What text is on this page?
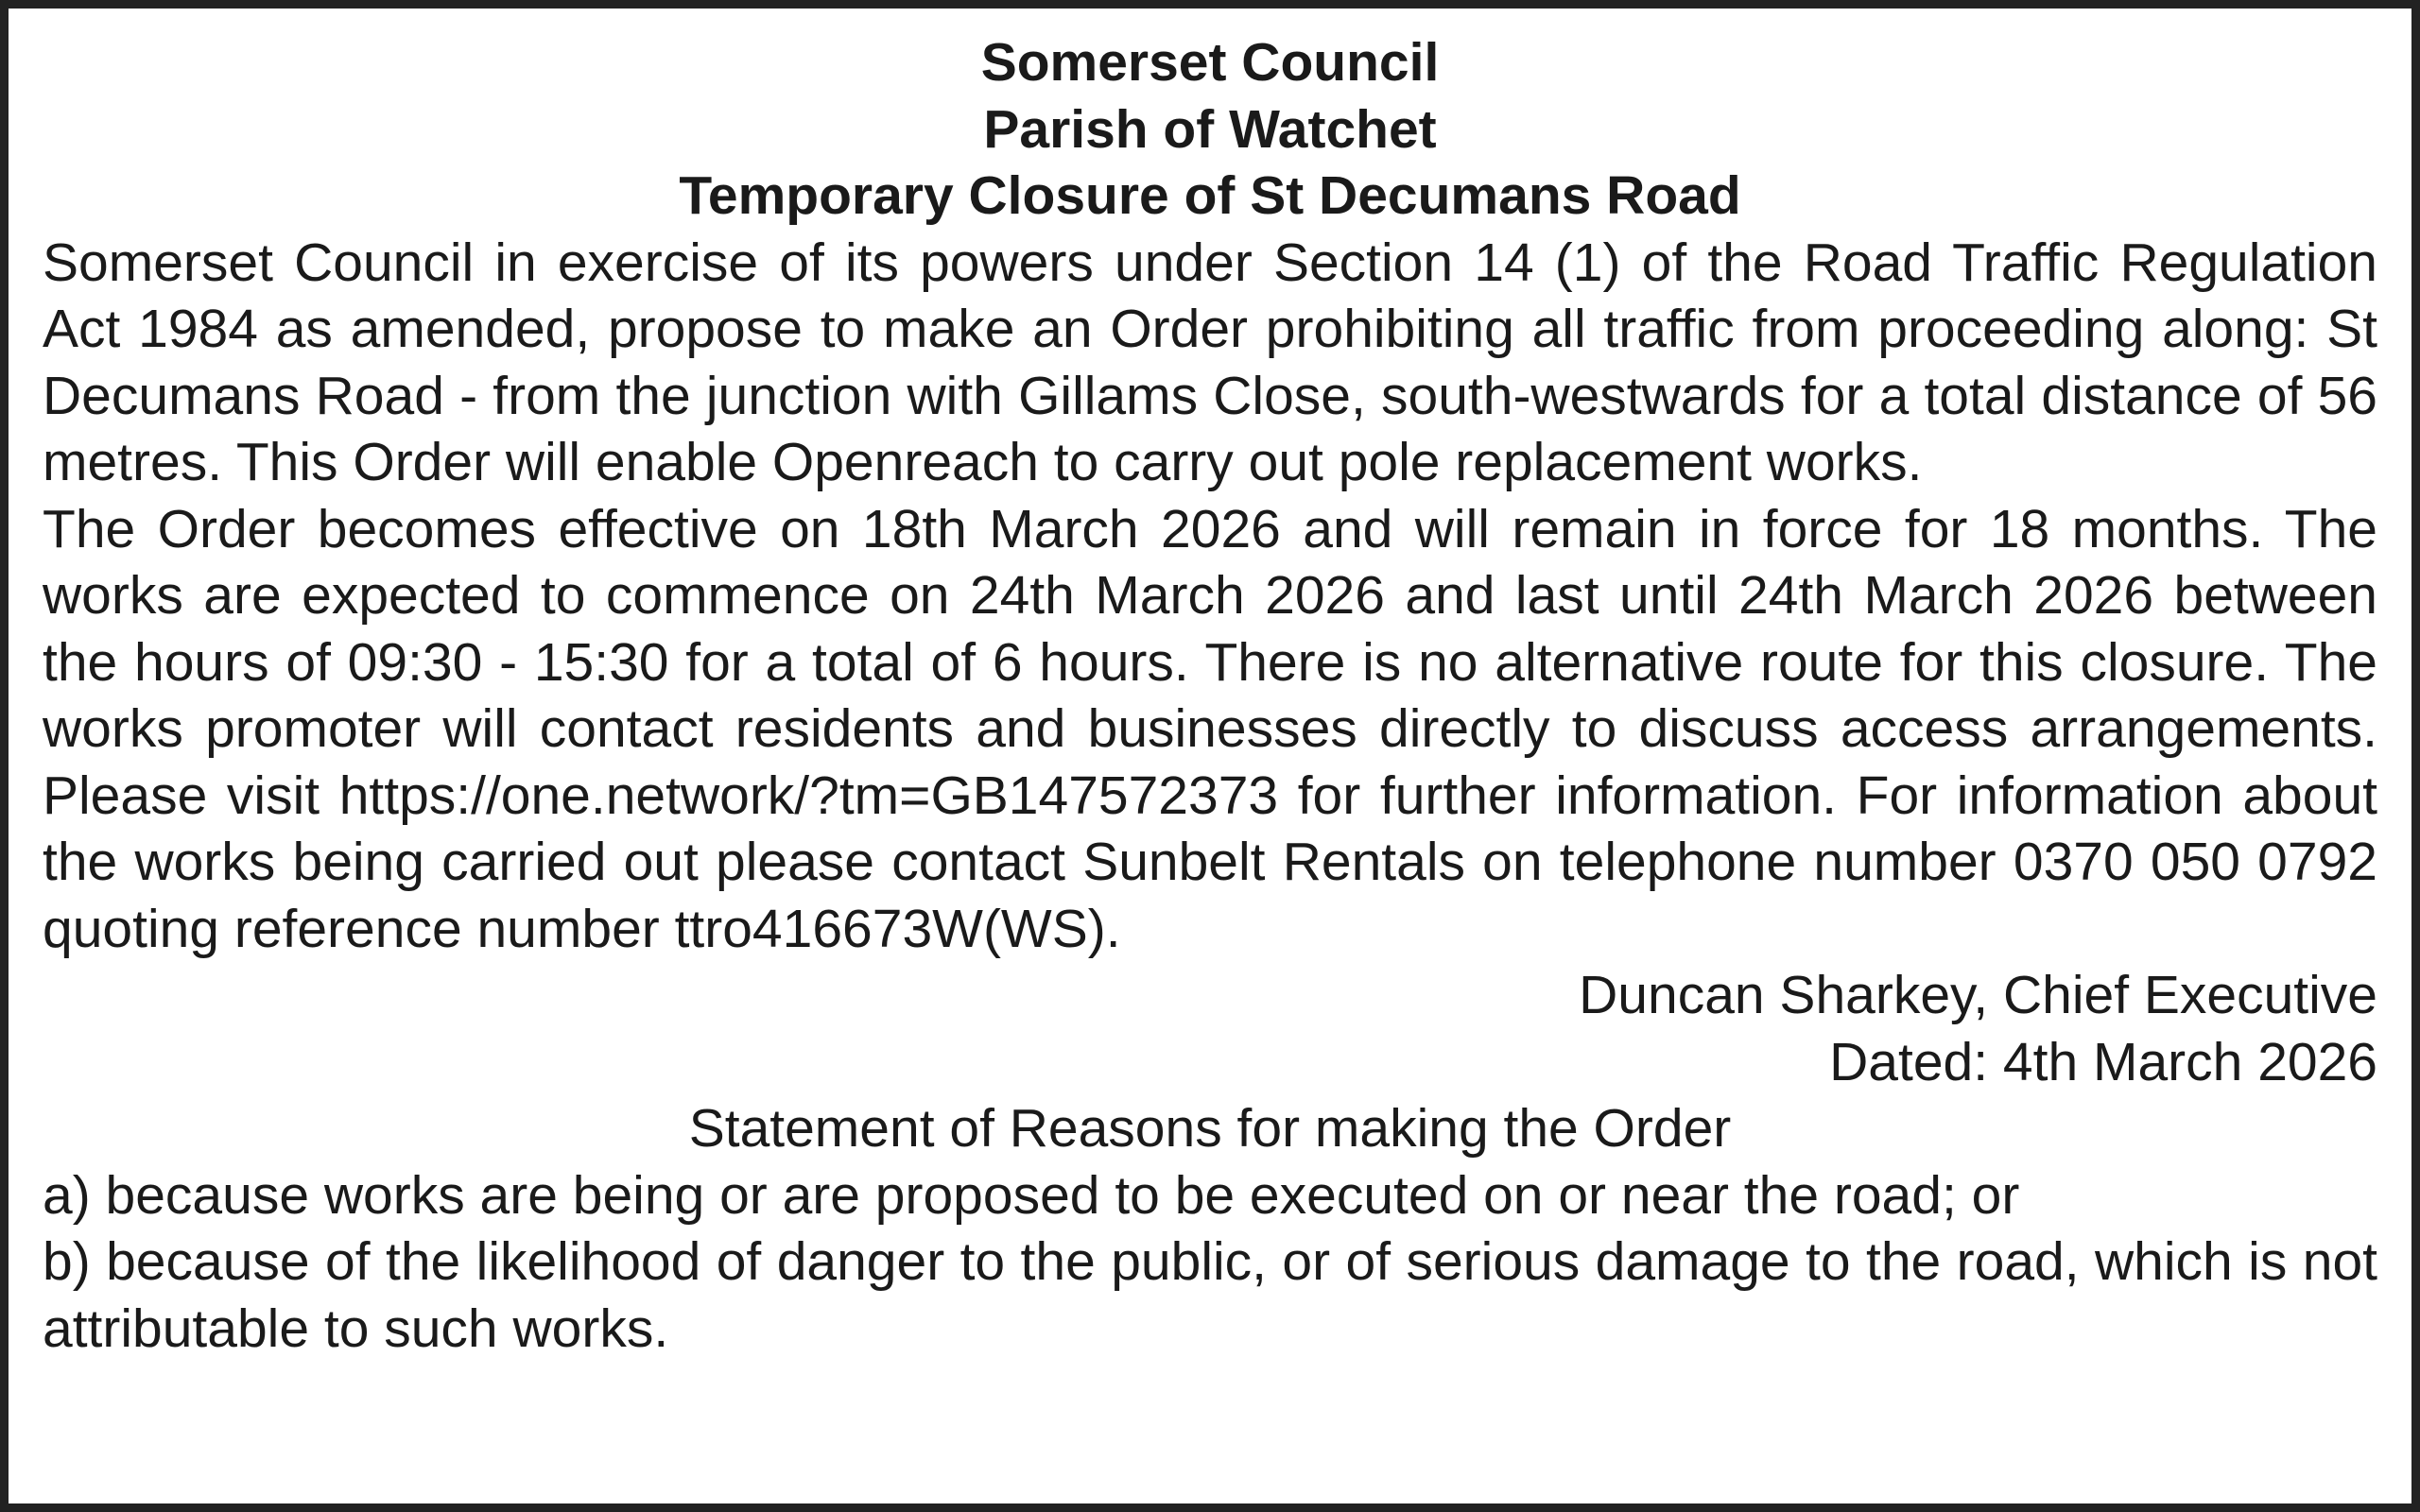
Somerset Council

Parish of Watchet

Temporary Closure of St Decumans Road

Somerset Council in exercise of its powers under Section 14 (1) of the Road Traffic Regulation Act 1984 as amended, propose to make an Order prohibiting all traffic from proceeding along: St Decumans Road - from the junction with Gillams Close, south-westwards for a total distance of 56 metres. This Order will enable Openreach to carry out pole replacement works.

The Order becomes effective on 18th March 2026 and will remain in force for 18 months. The works are expected to commence on 24th March 2026 and last until 24th March 2026 between the hours of 09:30 - 15:30 for a total of 6 hours. There is no alternative route for this closure. The works promoter will contact residents and businesses directly to discuss access arrangements. Please visit https://one.network/?tm=GB147572373 for further information. For information about the works being carried out please contact Sunbelt Rentals on telephone number 0370 050 0792 quoting reference number ttro416673W(WS).

Duncan Sharkey, Chief Executive

Dated: 4th March 2026

Statement of Reasons for making the Order

a) because works are being or are proposed to be executed on or near the road; or

b) because of the likelihood of danger to the public, or of serious damage to the road, which is not attributable to such works.
